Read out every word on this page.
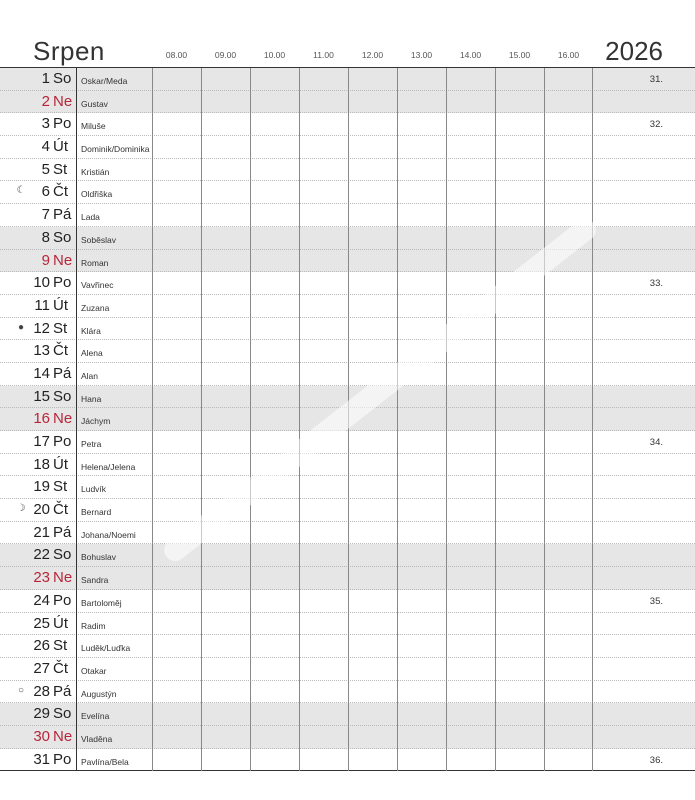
Srpen	2026
08.00	09.00	10.00	11.00	12.00	13.00	14.00	15.00	16.00
1 So Oskar/Meda	31.
2 Ne Gustav
3 Po Miluše	32.
4 Út Dominik/Dominika
5 St Kristián
☾	6 Čt Oldřiška
7 Pá Lada
8 So Soběslav
9 Ne Roman
10 Po Vavřinec	33.
11 Út Zuzana
● 12 St Klára
13 Čt Alena
14 Pá Alan
15 So Hana
16 Ne Jáchym
17 Po Petra	34.
18 Út Helena/Jelena
19 St Ludvík
☽ 20 Čt Bernard
21 Pá Johana/Noemi
22 So Bohuslav
23 Ne Sandra
24 Po Bartoloměj	35.
25 Út Radim
26 St Luděk/Luďka
27 Čt Otakar
○ 28 Pá Augustýn
29 So Evelína
30 Ne Vladěna
31 Po Pavlína/Bela	36.
